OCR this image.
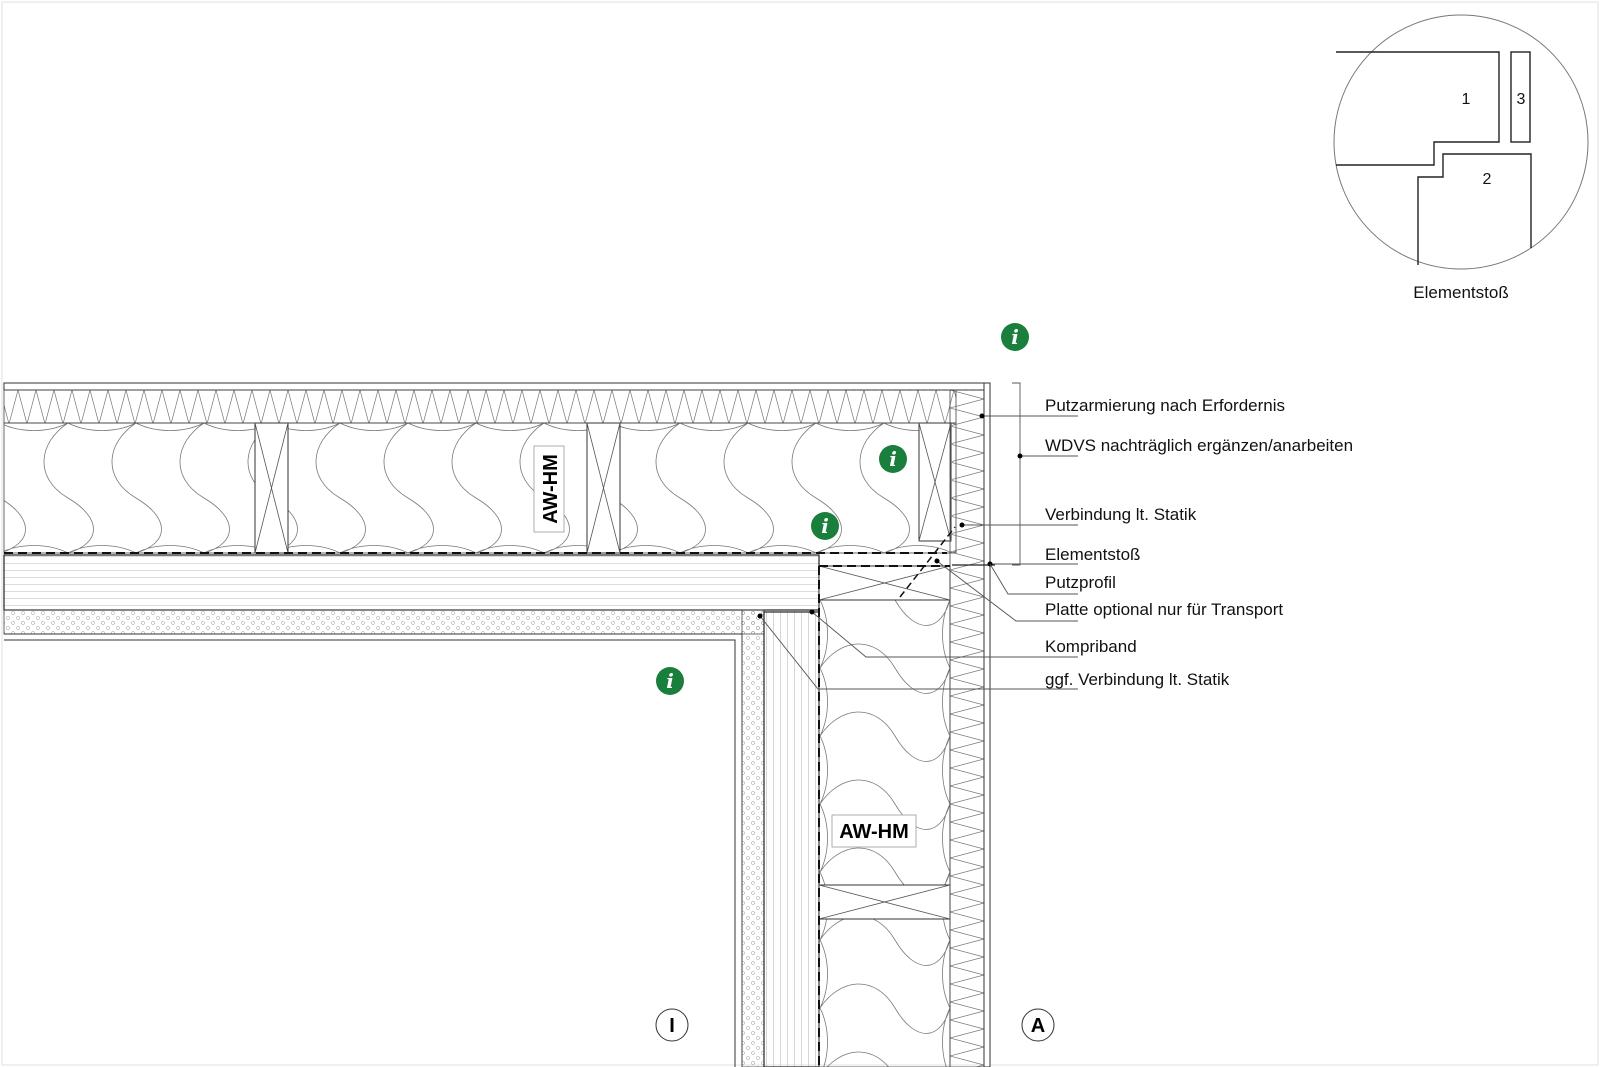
1
2
3
Elementstoß
AW-HM
AW-HM
i
i
i
i
I	A
Putzarmierung nach Erfordernis
WDVS nachträglich ergänzen/anarbeiten
Verbindung lt. Statik
Elementstoß
Putzprofil
Platte optional nur für Transport
Kompriband
ggf. Verbindung lt. Statik
